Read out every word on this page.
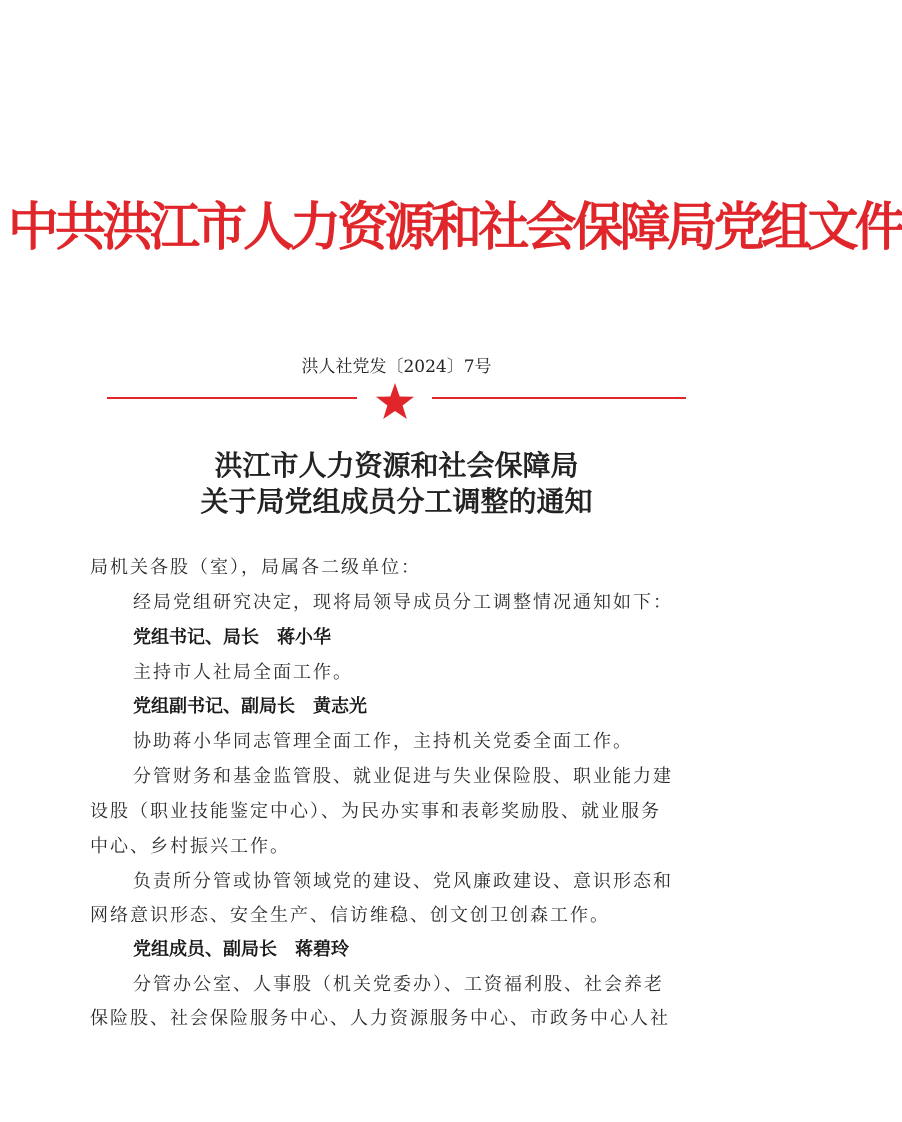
中共洪江市人力资源和社会保障局党组文件
洪人社党发〔2024〕7号
洪江市人力资源和社会保障局
关于局党组成员分工调整的通知
局机关各股（室），局属各二级单位：
经局党组研究决定，现将局领导成员分工调整情况通知如下：
党组书记、局长　蒋小华
主持市人社局全面工作。
党组副书记、副局长　黄志光
协助蒋小华同志管理全面工作，主持机关党委全面工作。
分管财务和基金监管股、就业促进与失业保险股、职业能力建
设股（职业技能鉴定中心）、为民办实事和表彰奖励股、就业服务
中心、乡村振兴工作。
负责所分管或协管领域党的建设、党风廉政建设、意识形态和
网络意识形态、安全生产、信访维稳、创文创卫创森工作。
党组成员、副局长　蒋碧玲
分管办公室、人事股（机关党委办）、工资福利股、社会养老
保险股、社会保险服务中心、人力资源服务中心、市政务中心人社
